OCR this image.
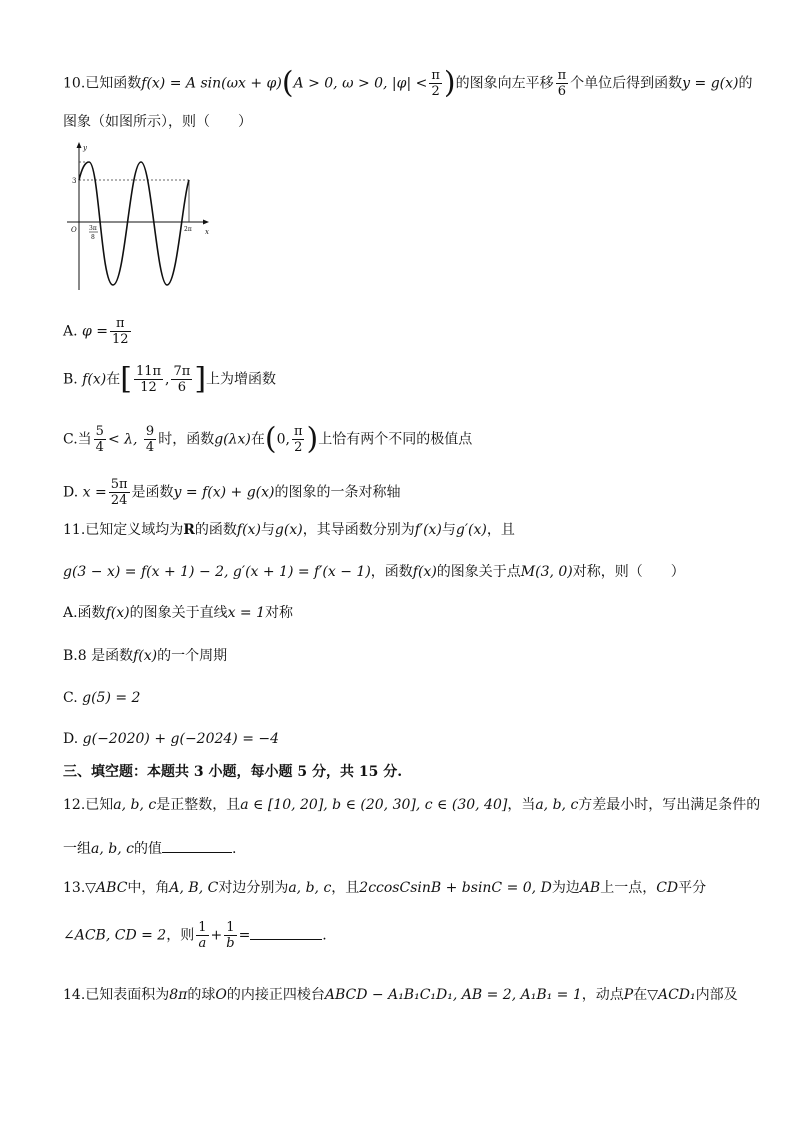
10.已知函数f(x) = A sin(ωx + φ)(A > 0, ω > 0, $|\varphi| < \frac{\pi}{2}$ )的图象向左平移 $\frac{\pi}{6}$ 个单位后得到函数y = g(x)的
图象（如图所示），则（　　）
y
x
O
3
3π
8
2π
A. $\varphi = \frac{\pi}{12}$
B. f(x)在[ $\frac{11\pi}{12}$ , $\frac{7\pi}{6}$ ]上为增函数
C.当 $\frac{5}{4} < \lambda$, $\frac{9}{4}$ 时，函数g(λx)在(0, $\frac{\pi}{2}$ )上恰有两个不同的极值点
D. $x = \frac{5\pi}{24}$ 是函数y = f(x) + g(x)的图象的一条对称轴
11.已知定义域均为R的函数f(x)与g(x)，其导函数分别为f′(x)与g′(x)，且
g(3 − x) = f(x + 1) − 2, g′(x + 1) = f′(x − 1)，函数f(x)的图象关于点M(3, 0)对称，则（　　）
A.函数f(x)的图象关于直线x = 1对称
B.8 是函数f(x)的一个周期
C. g(5) = 2
D. g(−2020) + g(−2024) = −4
三、填空题：本题共 3 小题，每小题 5 分，共 15 分.
12.已知a, b, c是正整数，且a ∈ [10, 20], b ∈ (20, 30], c ∈ (30, 40]，当a, b, c方差最小时，写出满足条件的
一组a, b, c的值	.
13.▽ABC中，角A, B, C对边分别为a, b, c，且2ccosCsinB + bsinC = 0, D为边AB上一点，CD平分
∠ACB, CD = 2，则 $\frac{1}{a} + \frac{1}{b}$ =	.
14.已知表面积为8π的球O的内接正四棱台ABCD − A₁B₁C₁D₁, AB = 2, A₁B₁ = 1，动点P在▽ACD₁内部及
